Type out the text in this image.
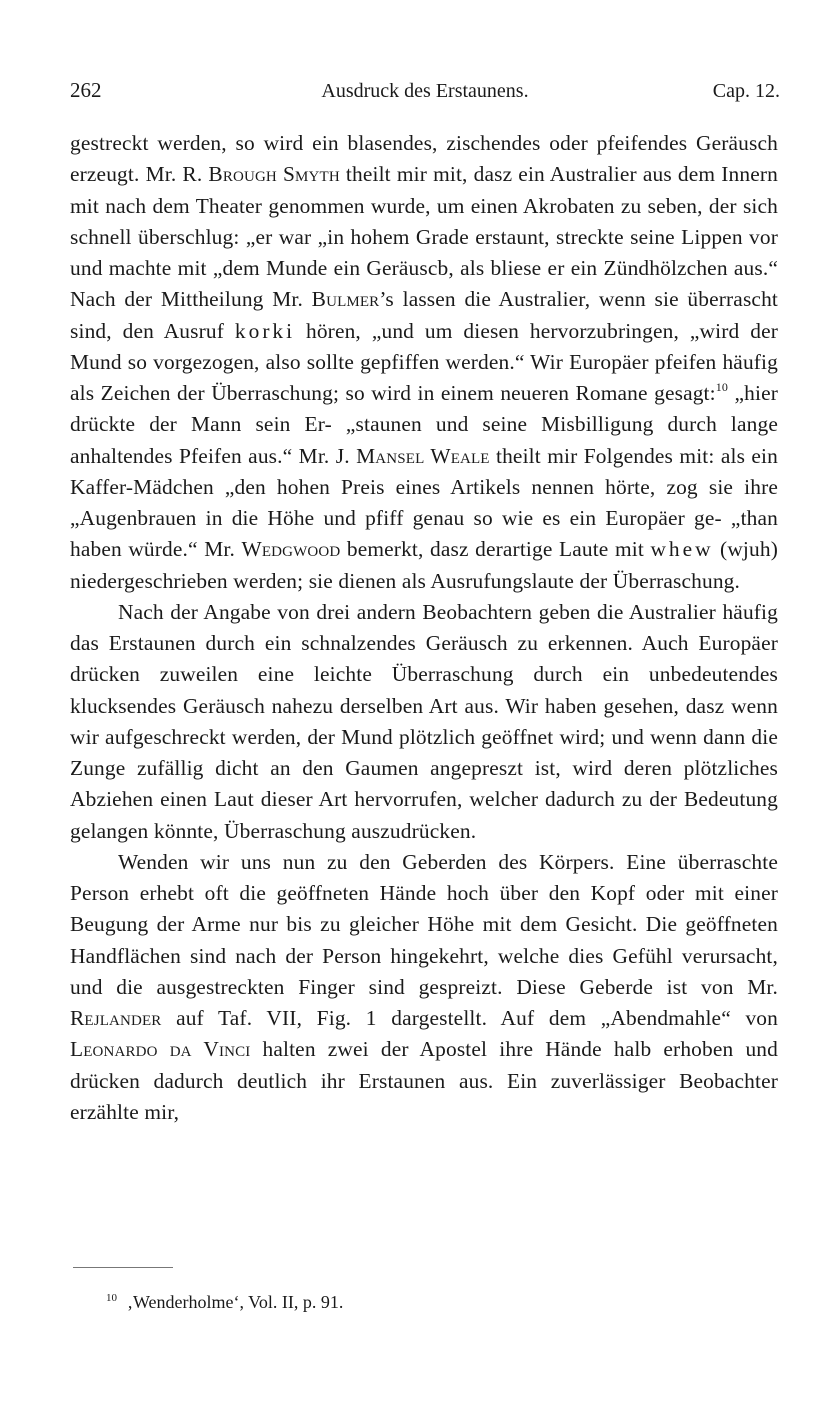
262	Ausdruck des Erstaunens.	Cap. 12.

gestreckt werden, so wird ein blasendes, zischendes oder pfeifendes Geräusch erzeugt. Mr. R. Brough Smyth theilt mir mit, dasz ein Australier aus dem Innern mit nach dem Theater genommen wurde, um einen Akrobaten zu seben, der sich schnell überschlug: „er war „in hohem Grade erstaunt, streckte seine Lippen vor und machte mit „dem Munde ein Geräuscb, als bliese er ein Zündhölzchen aus.“ Nach der Mittheilung Mr. Bulmer’s lassen die Australier, wenn sie überrascht sind, den Ausruf korki hören, „und um diesen hervorzubringen, „wird der Mund so vorgezogen, also sollte gepfiffen werden.“ Wir Europäer pfeifen häufig als Zeichen der Überraschung; so wird in einem neueren Romane gesagt:$^{10}$ „hier drückte der Mann sein Er- „staunen und seine Misbilligung durch lange anhaltendes Pfeifen aus.“ Mr. J. Mansel Weale theilt mir Folgendes mit: als ein Kaffer-Mädchen „den hohen Preis eines Artikels nennen hörte, zog sie ihre „Augenbrauen in die Höhe und pfiff genau so wie es ein Europäer ge- „than haben würde.“ Mr. Wedgwood bemerkt, dasz derartige Laute mit whew (wjuh) niedergeschrieben werden; sie dienen als Ausrufungslaute der Überraschung.

Nach der Angabe von drei andern Beobachtern geben die Australier häufig das Erstaunen durch ein schnalzendes Geräusch zu erkennen. Auch Europäer drücken zuweilen eine leichte Überraschung durch ein unbedeutendes klucksendes Geräusch nahezu derselben Art aus. Wir haben gesehen, dasz wenn wir aufgeschreckt werden, der Mund plötzlich geöffnet wird; und wenn dann die Zunge zufällig dicht an den Gaumen angepreszt ist, wird deren plötzliches Abziehen einen Laut dieser Art hervorrufen, welcher dadurch zu der Bedeutung gelangen könnte, Überraschung auszudrücken.

Wenden wir uns nun zu den Geberden des Körpers. Eine überraschte Person erhebt oft die geöffneten Hände hoch über den Kopf oder mit einer Beugung der Arme nur bis zu gleicher Höhe mit dem Gesicht. Die geöffneten Handflächen sind nach der Person hingekehrt, welche dies Gefühl verursacht, und die ausgestreckten Finger sind gespreizt. Diese Geberde ist von Mr. Rejlander auf Taf. VII, Fig. 1 dargestellt. Auf dem „Abendmahle“ von Leonardo da Vinci halten zwei der Apostel ihre Hände halb erhoben und drücken dadurch deutlich ihr Erstaunen aus. Ein zuverlässiger Beobachter erzählte mir,

$^{10}$ ‚Wenderholme‘, Vol. II, p. 91.
